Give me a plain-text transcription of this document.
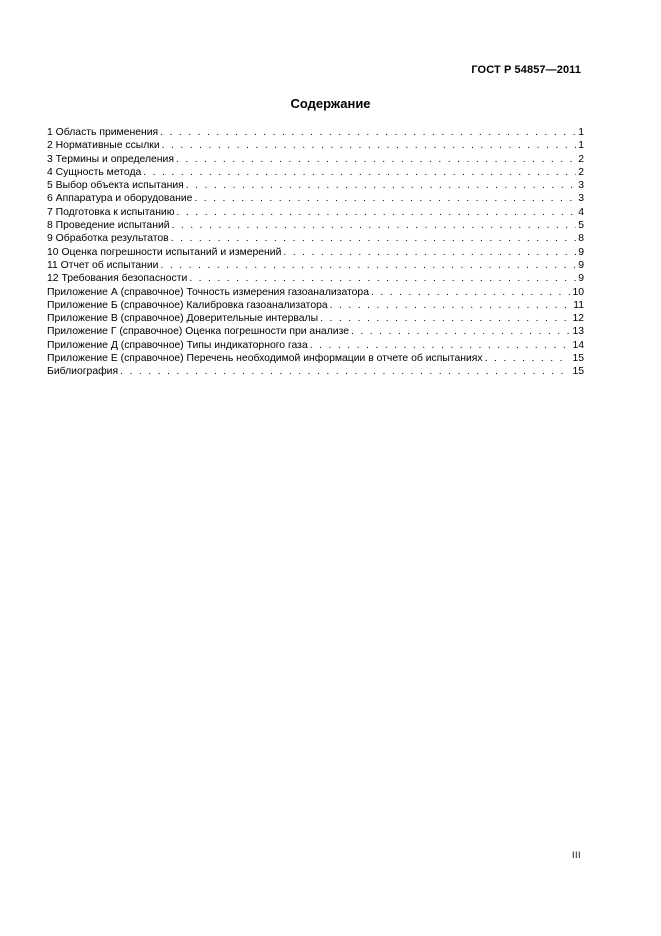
ГОСТ Р 54857—2011
Содержание
1 Область применения . . .	1
2 Нормативные ссылки . . .	1
3 Термины и определения . . .	2
4 Сущность метода . . .	2
5 Выбор объекта испытания . . .	3
6 Аппаратура и оборудование . . .	3
7 Подготовка к испытанию . . .	4
8 Проведение испытаний . . .	5
9 Обработка результатов . . .	8
10 Оценка погрешности испытаний и измерений . . .	9
11 Отчет об испытании . . .	9
12 Требования безопасности . . .	9
Приложение А (справочное) Точность измерения газоанализатора . . .	10
Приложение Б (справочное) Калибровка газоанализатора . . .	11
Приложение В (справочное) Доверительные интервалы . . .	12
Приложение Г (справочное) Оценка погрешности при анализе . . .	13
Приложение Д (справочное) Типы индикаторного газа . . .	14
Приложение Е (справочное) Перечень необходимой информации в отчете об испытаниях . . .	15
Библиография . . .	15
III
